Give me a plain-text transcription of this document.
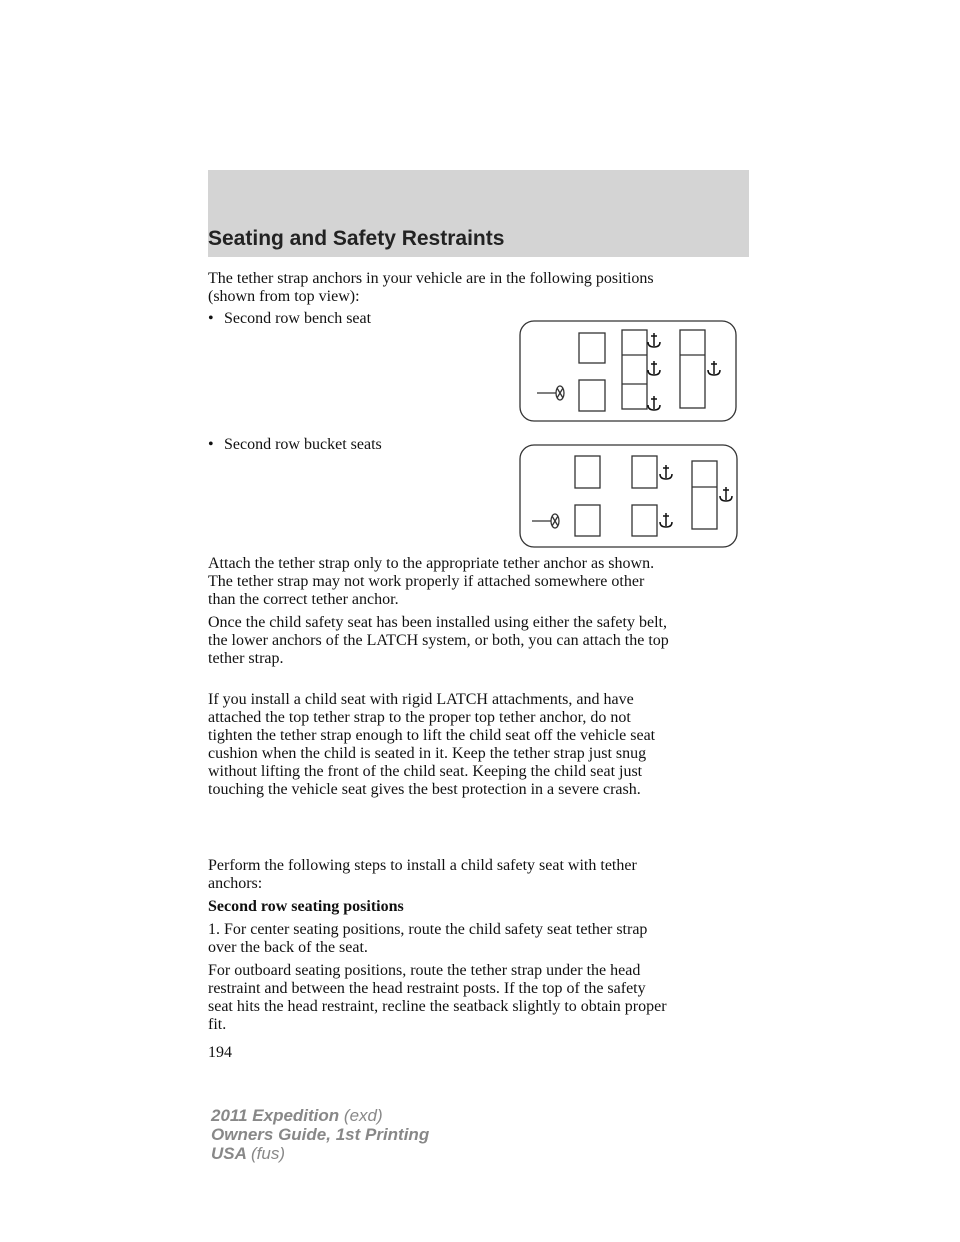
Seating and Safety Restraints
The tether strap anchors in your vehicle are in the following positions
(shown from top view):
• Second row bench seat
• Second row bucket seats
Attach the tether strap only to the appropriate tether anchor as shown.
The tether strap may not work properly if attached somewhere other
than the correct tether anchor.
Once the child safety seat has been installed using either the safety belt,
the lower anchors of the LATCH system, or both, you can attach the top
tether strap.
If you install a child seat with rigid LATCH attachments, and have
attached the top tether strap to the proper top tether anchor, do not
tighten the tether strap enough to lift the child seat off the vehicle seat
cushion when the child is seated in it. Keep the tether strap just snug
without lifting the front of the child seat. Keeping the child seat just
touching the vehicle seat gives the best protection in a severe crash.
Perform the following steps to install a child safety seat with tether
anchors:
Second row seating positions
1. For center seating positions, route the child safety seat tether strap
over the back of the seat.
For outboard seating positions, route the tether strap under the head
restraint and between the head restraint posts. If the top of the safety
seat hits the head restraint, recline the seatback slightly to obtain proper
fit.
194
2011 Expedition (exd)
Owners Guide, 1st Printing
USA (fus)
